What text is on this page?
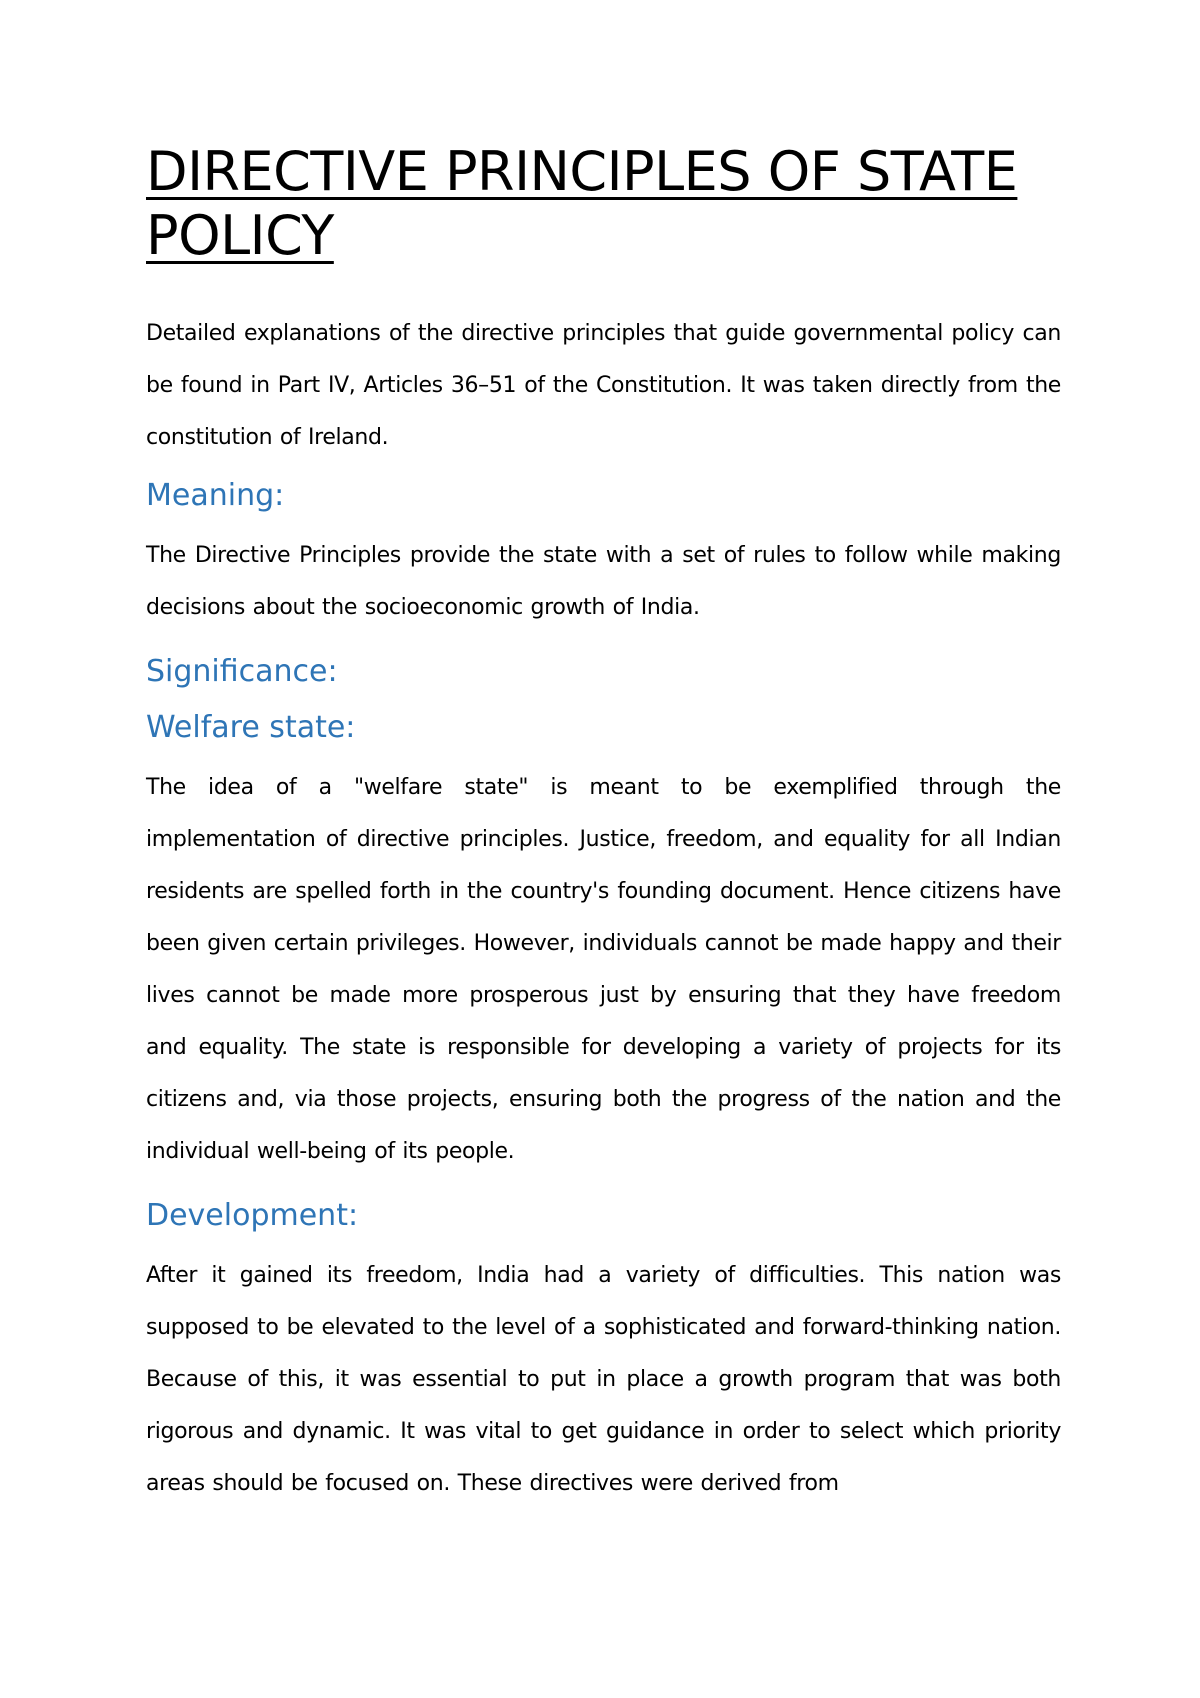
DIRECTIVE PRINCIPLES OF STATE POLICY

Detailed explanations of the directive principles that guide governmental policy can be found in Part IV, Articles 36–51 of the Constitution. It was taken directly from the constitution of Ireland.

Meaning:

The Directive Principles provide the state with a set of rules to follow while making decisions about the socioeconomic growth of India.

Significance:
Welfare state:

The idea of a "welfare state" is meant to be exemplified through the implementation of directive principles. Justice, freedom, and equality for all Indian residents are spelled forth in the country's founding document. Hence citizens have been given certain privileges. However, individuals cannot be made happy and their lives cannot be made more prosperous just by ensuring that they have freedom and equality. The state is responsible for developing a variety of projects for its citizens and, via those projects, ensuring both the progress of the nation and the individual well-being of its people.

Development:

After it gained its freedom, India had a variety of difficulties. This nation was supposed to be elevated to the level of a sophisticated and forward-thinking nation. Because of this, it was essential to put in place a growth program that was both rigorous and dynamic. It was vital to get guidance in order to select which priority areas should be focused on. These directives were derived from
